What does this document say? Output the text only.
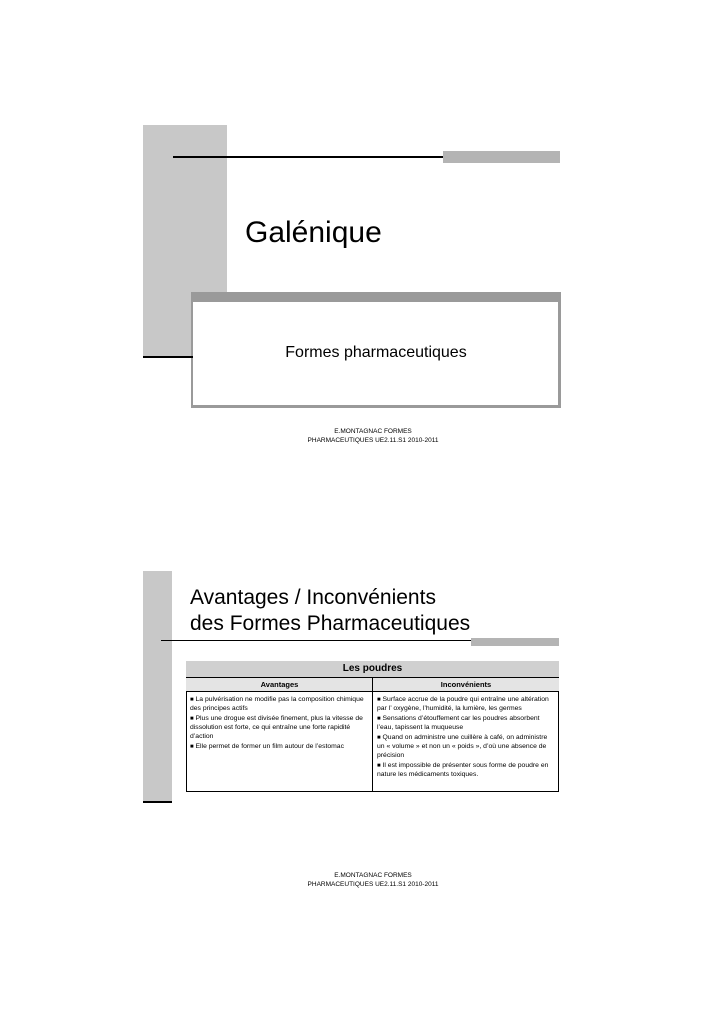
Galénique
Formes pharmaceutiques
E.MONTAGNAC FORMES
PHARMACEUTIQUES UE2.11.S1 2010-2011
Avantages / Inconvénients
des Formes Pharmaceutiques
Les poudres
Avantages	Inconvénients

■ La pulvérisation ne modifie pas la composition chimique des principes actifs

■ Plus une drogue est divisée finement, plus la vitesse de dissolution est forte, ce qui entraîne une forte rapidité d’action

■ Elle permet de former un film autour de l’estomac

■ Surface accrue de la poudre qui entraîne une altération par l’ oxygène, l’humidité, la lumière, les germes

■ Sensations d’étouffement car les poudres absorbent l’eau, tapissent la muqueuse

■ Quand on administre une cuillère à café, on administre un « volume » et non un « poids », d’où une absence de précision

■ Il est impossible de présenter sous forme de poudre en nature les médicaments toxiques.

E.MONTAGNAC FORMES
PHARMACEUTIQUES UE2.11.S1 2010-2011
